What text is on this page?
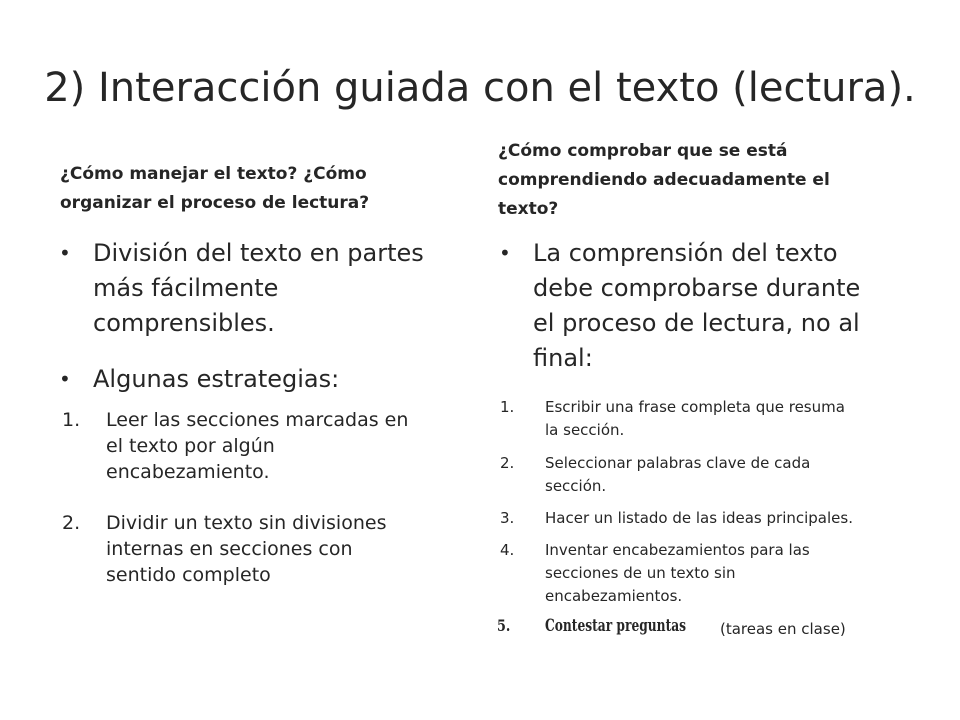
2) Interacción guiada con el texto (lectura).
¿Cómo manejar el texto? ¿Cómo
organizar el proceso de lectura?
• División del texto en partes
más fácilmente
comprensibles.
• Algunas estrategias:
1. Leer las secciones marcadas en
el texto por algún
encabezamiento.
2. Dividir un texto sin divisiones
internas en secciones con
sentido completo
¿Cómo comprobar que se está
comprendiendo adecuadamente el
texto?
• La comprensión del texto
debe comprobarse durante
el proceso de lectura, no al
final:
1. Escribir una frase completa que resuma
la sección.
2. Seleccionar palabras clave de cada
sección.
3. Hacer un listado de las ideas principales.
4. Inventar encabezamientos para las
secciones de un texto sin
encabezamientos.
5. Contestar preguntas	(tareas en clase)
